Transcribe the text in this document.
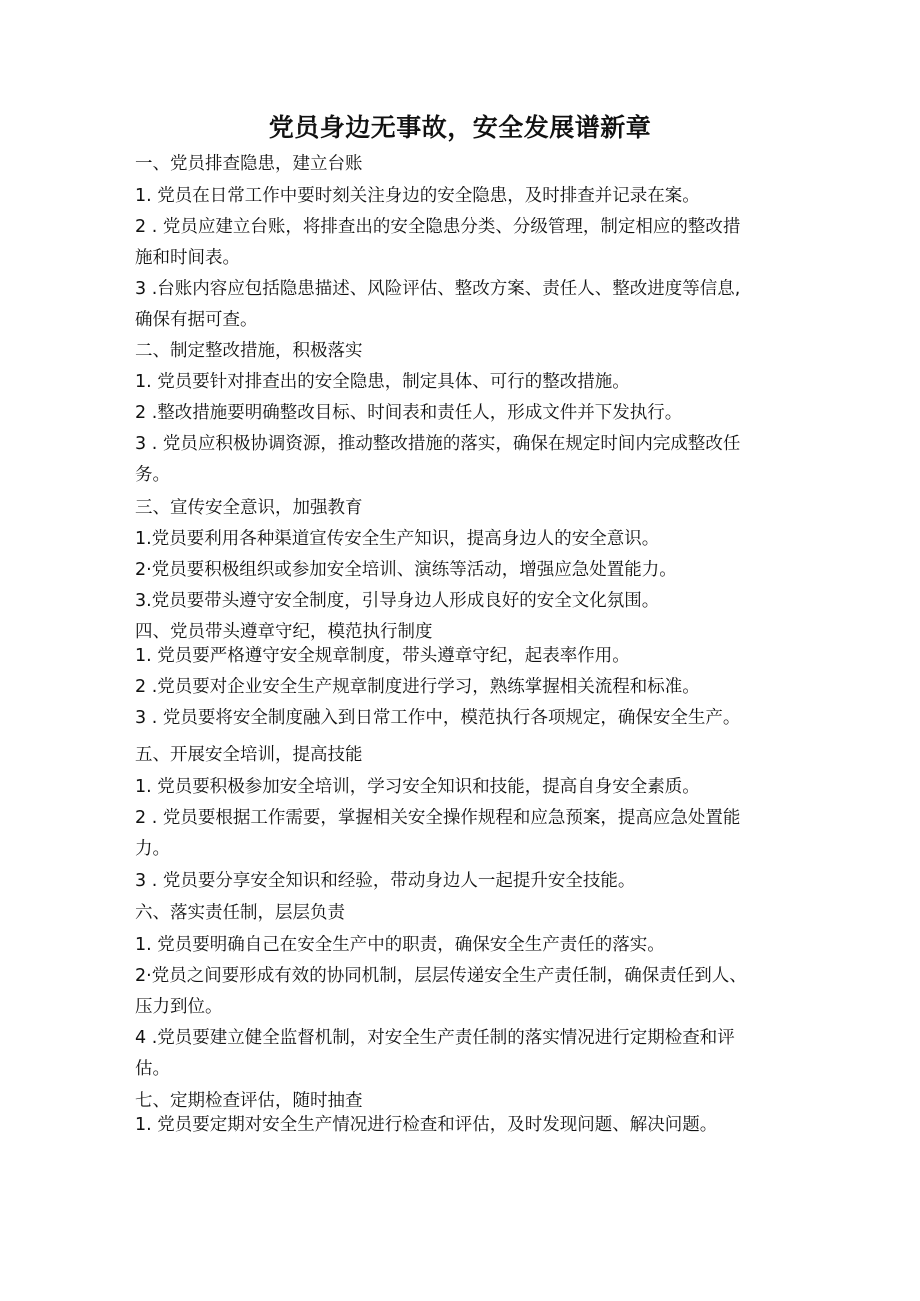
党员身边无事故，安全发展谱新章
一、党员排查隐患，建立台账
1. 党员在日常工作中要时刻关注身边的安全隐患，及时排查并记录在案。
2 . 党员应建立台账，将排查出的安全隐患分类、分级管理，制定相应的整改措
施和时间表。
3 .台账内容应包括隐患描述、风险评估、整改方案、责任人、整改进度等信息,
确保有据可查。
二、制定整改措施，积极落实
1. 党员要针对排查出的安全隐患，制定具体、可行的整改措施。
2 .整改措施要明确整改目标、时间表和责任人，形成文件并下发执行。
3 . 党员应积极协调资源，推动整改措施的落实，确保在规定时间内完成整改任
务。
三、宣传安全意识，加强教育
1.党员要利用各种渠道宣传安全生产知识，提高身边人的安全意识。
2·党员要积极组织或参加安全培训、演练等活动，增强应急处置能力。
3.党员要带头遵守安全制度，引导身边人形成良好的安全文化氛围。
四、党员带头遵章守纪，模范执行制度
1. 党员要严格遵守安全规章制度，带头遵章守纪，起表率作用。
2 .党员要对企业安全生产规章制度进行学习，熟练掌握相关流程和标准。
3 . 党员要将安全制度融入到日常工作中，模范执行各项规定，确保安全生产。
五、开展安全培训，提高技能
1. 党员要积极参加安全培训，学习安全知识和技能，提高自身安全素质。
2 . 党员要根据工作需要，掌握相关安全操作规程和应急预案，提高应急处置能
力。
3 . 党员要分享安全知识和经验，带动身边人一起提升安全技能。
六、落实责任制，层层负责
1. 党员要明确自己在安全生产中的职责，确保安全生产责任的落实。
2·党员之间要形成有效的协同机制，层层传递安全生产责任制，确保责任到人、
压力到位。
4 .党员要建立健全监督机制，对安全生产责任制的落实情况进行定期检查和评
估。
七、定期检查评估，随时抽查
1. 党员要定期对安全生产情况进行检查和评估，及时发现问题、解决问题。
